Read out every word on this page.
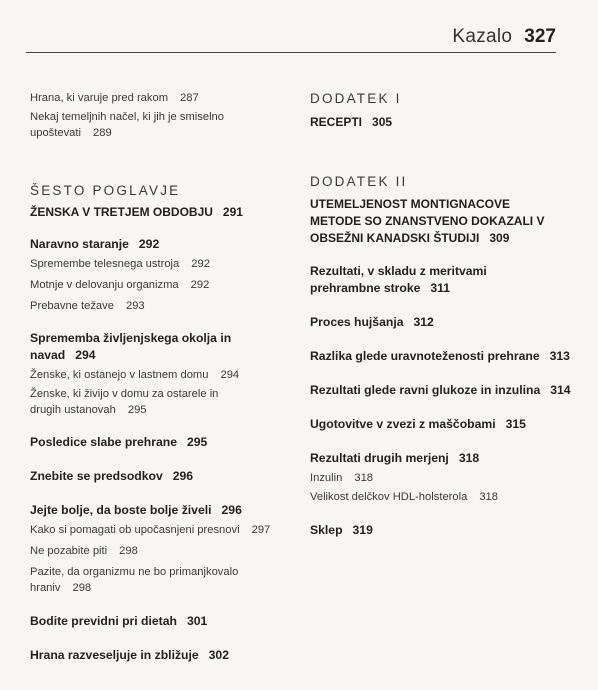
Kazalo 327
Hrana, ki varuje pred rakom 287
Nekaj temeljnih načel, ki jih je smiselno upoštevati 289
ŠESTO POGLAVJE
ŽENSKA V TRETJEM OBDOBJU 291
Naravno staranje 292
Spremembe telesnega ustroja 292
Motnje v delovanju organizma 292
Prebavne težave 293
Sprememba življenjskega okolja in navad 294
Ženske, ki ostanejo v lastnem domu 294
Ženske, ki živijo v domu za ostarele in drugih ustanovah 295
Posledice slabe prehrane 295
Znebite se predsodkov 296
Jejte bolje, da boste bolje živeli 296
Kako si pomagati ob upočasnjeni presnovi 297
Ne pozabite piti 298
Pazite, da organizmu ne bo primanjkovalo hraniv 298
Bodite previdni pri dietah 301
Hrana razveseljuje in zbližuje 302
DODATEK I
RECEPTI 305
DODATEK II
UTEMELJENOST MONTIGNACOVE METODE SO ZNANSTVENO DOKAZALI V OBSEŽNI KANADSKI ŠTUDIJI 309
Rezultati, v skladu z meritvami prehrambne stroke 311
Proces hujšanja 312
Razlika glede uravnoteženosti prehrane 313
Rezultati glede ravni glukoze in inzulina 314
Ugotovitve v zvezi z maščobami 315
Rezultati drugih merjenj 318
Inzulin 318
Velikost delčkov HDL-holsterola 318
Sklep 319
